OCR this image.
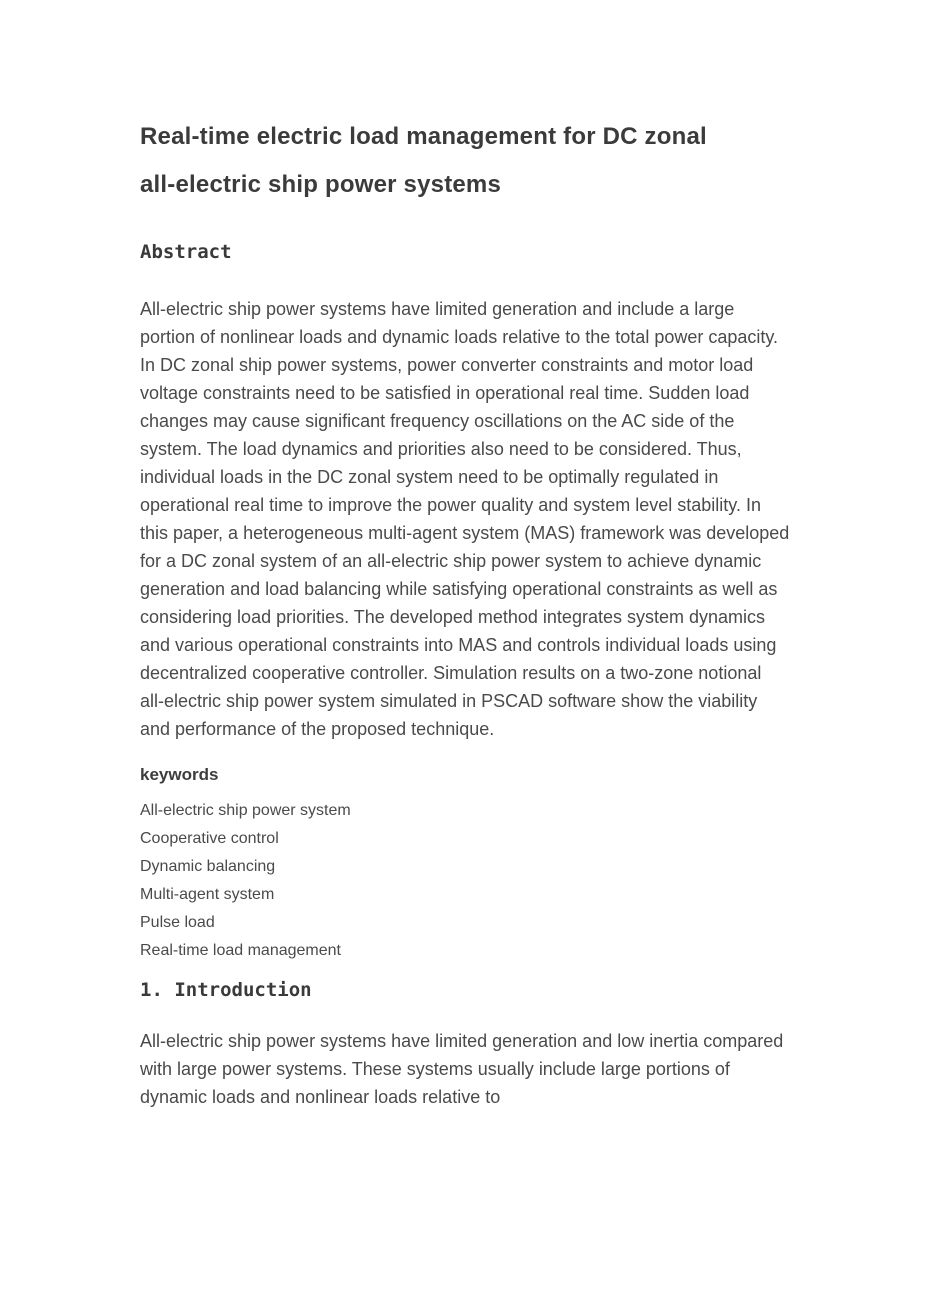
Real-time electric load management for DC zonal
all-electric ship power systems
Abstract

All-electric ship power systems have limited generation and include a large portion of nonlinear loads and dynamic loads relative to the total power capacity. In DC zonal ship power systems, power converter constraints and motor load voltage constraints need to be satisfied in operational real time. Sudden load changes may cause significant frequency oscillations on the AC side of the system. The load dynamics and priorities also need to be considered. Thus, individual loads in the DC zonal system need to be optimally regulated in operational real time to improve the power quality and system level stability. In this paper, a heterogeneous multi-agent system (MAS) framework was developed for a DC zonal system of an all-electric ship power system to achieve dynamic generation and load balancing while satisfying operational constraints as well as considering load priorities. The developed method integrates system dynamics and various operational constraints into MAS and controls individual loads using decentralized cooperative controller. Simulation results on a two-zone notional all-electric ship power system simulated in PSCAD software show the viability and performance of the proposed technique.

keywords
All-electric ship power system
Cooperative control
Dynamic balancing
Multi-agent system
Pulse load
Real-time load management
1. Introduction

All-electric ship power systems have limited generation and low inertia compared with large power systems. These systems usually include large portions of dynamic loads and nonlinear loads relative to
